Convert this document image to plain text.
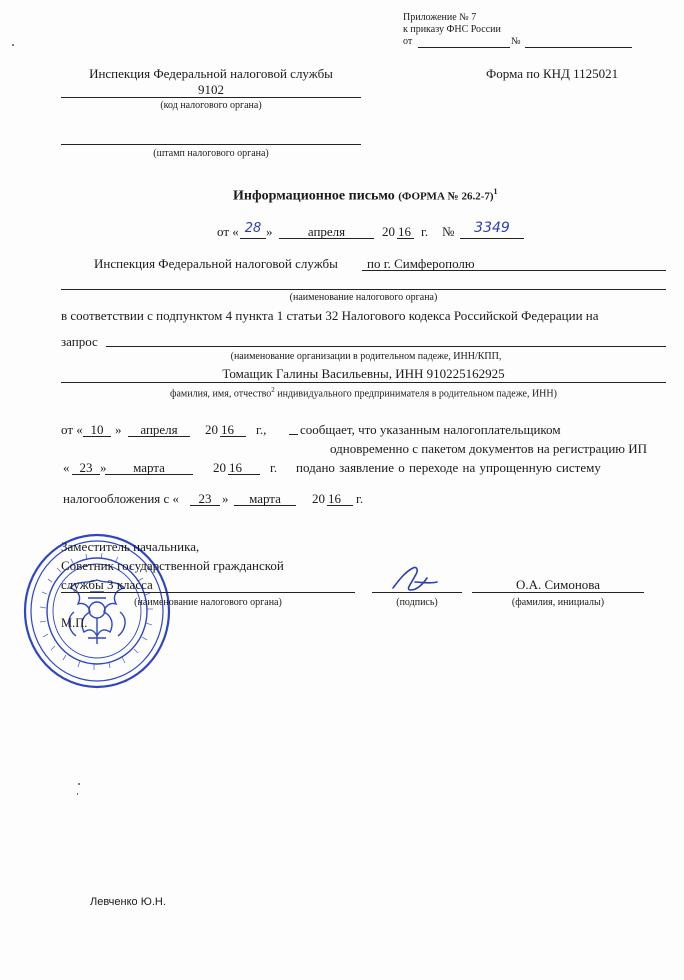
Приложение № 7
к приказу ФНС России
от	№
Инспекция Федеральной налоговой службы
9102
(код налогового органа)
(штамп налогового органа)
Форма по КНД 1125021
Информационное письмо (ФОРМА № 26.2-7)$^1$
от « 28 »	апреля	20 16 г. №	3349
Инспекция Федеральной налоговой службы по г. Симферополю
(наименование налогового органа)
в соответствии с подпунктом 4 пункта 1 статьи 32 Налогового кодекса Российской Федерации на
запрос
(наименование организации в родительном падеже, ИНН/КПП,
Томащик Галины Васильевны, ИНН 910225162925
фамилия, имя, отчество$^2$ индивидуального предпринимателя в родительном падеже, ИНН)
от « 10 »	апреля	20 16 г.,	сообщает, что указанным налогоплательщиком
одновременно с пакетом документов на регистрацию ИП
« 23 »	марта	20 16 г. подано заявление о переходе на упрощенную систему
налогообложения с «	23 »	марта	20 16 г.
Заместитель начальника,
Советник государственной гражданской
службы 3 класса
(наименование налогового органа)	(подпись)
О.А. Симонова
(фамилия, инициалы)
М.П.
Левченко Ю.Н.
